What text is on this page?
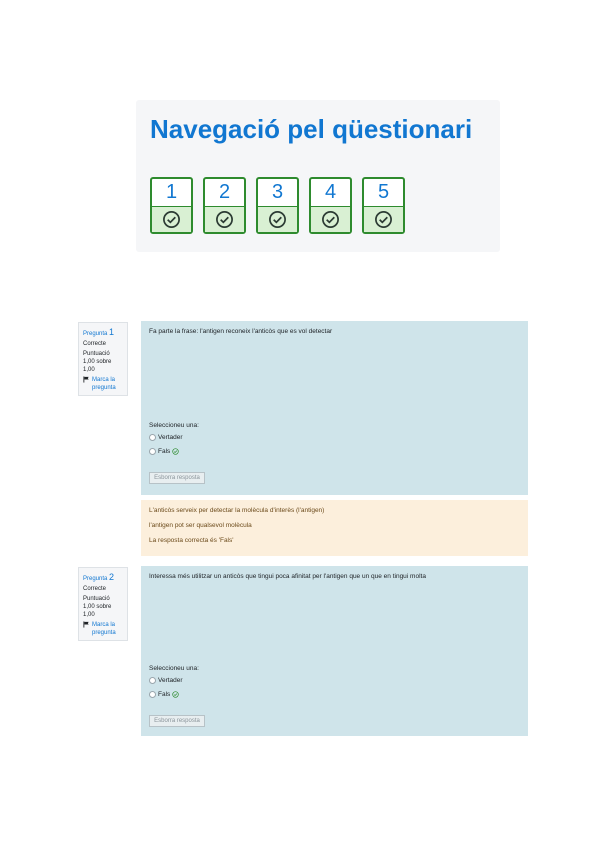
Navegació pel qüestionari
1 2 3 4 5
Pregunta 1
Correcte
Puntuació 1,00 sobre 1,00
Marca la pregunta

Fa parte la frase: l'antigen reconeix l'anticòs que es vol detectar

Seleccioneu una:
Vertader
Fals
Esborra resposta

L'anticòs serveix per detectar la molècula d'interès (l'antigen)

l'antigen pot ser qualsevol molècula

La resposta correcta és 'Fals'

Pregunta 2
Correcte
Puntuació 1,00 sobre 1,00
Marca la pregunta

Interessa més utilitzar un anticòs que tingui poca afinitat per l'antigen que un que en tingui molta

Seleccioneu una:
Vertader
Fals
Esborra resposta
